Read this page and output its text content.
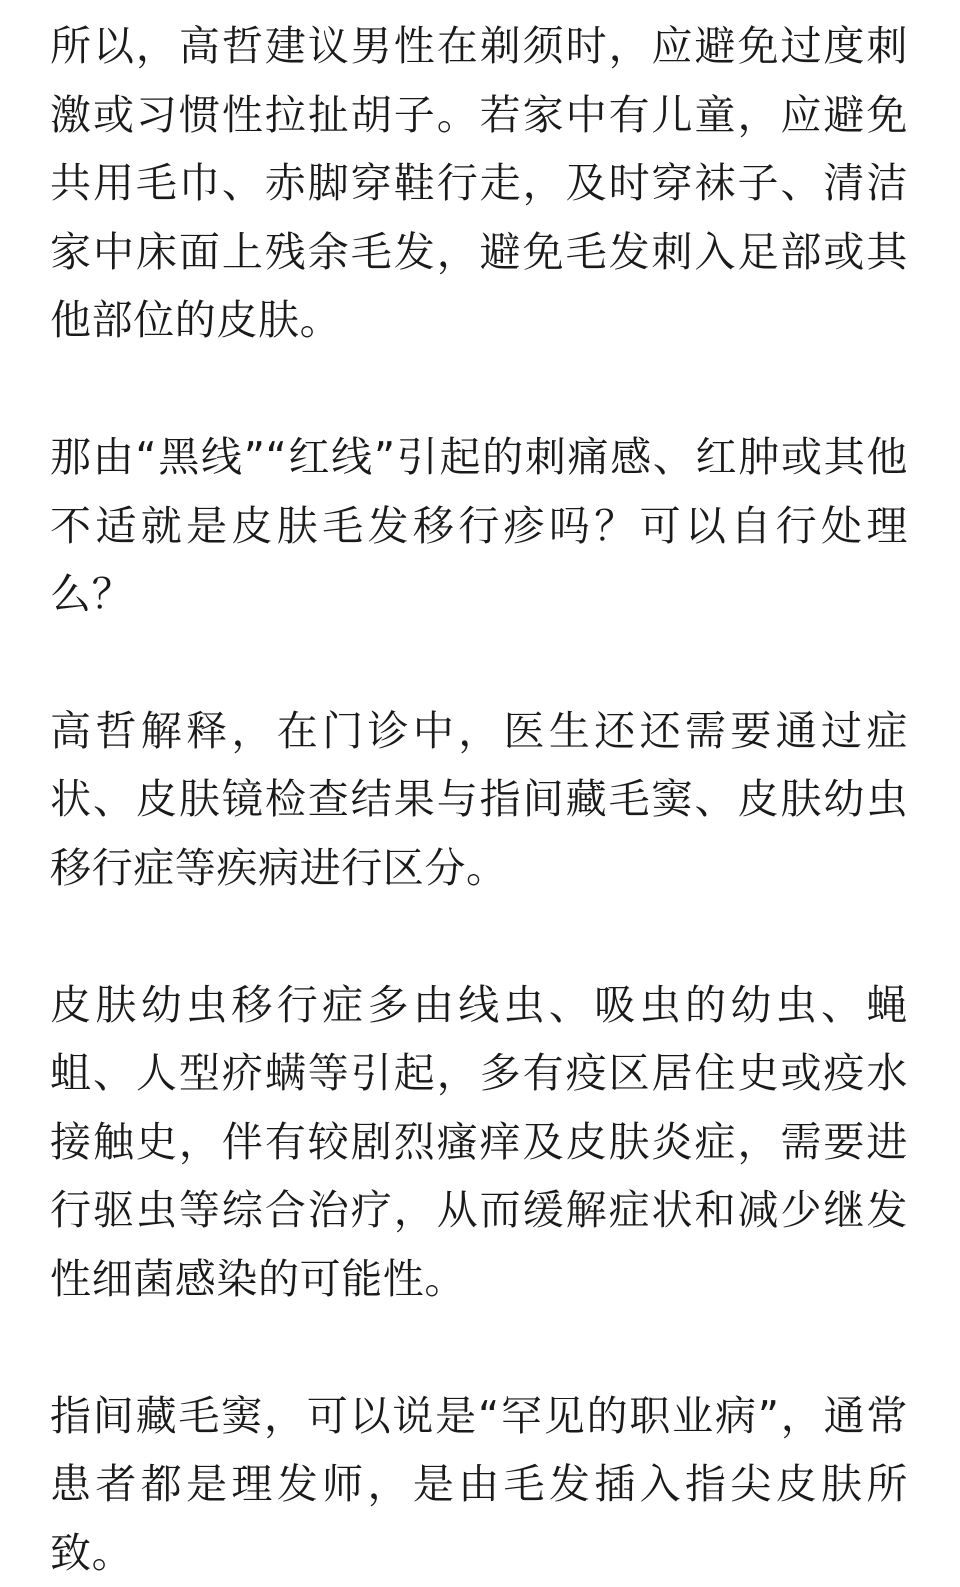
所以，高哲建议男性在剃须时，应避免过度刺激或习惯性拉扯胡子。若家中有儿童，应避免共用毛巾、赤脚穿鞋行走，及时穿袜子、清洁家中床面上残余毛发，避免毛发刺入足部或其他部位的皮肤。

那由“黑线”“红线”引起的刺痛感、红肿或其他不适就是皮肤毛发移行疹吗？可以自行处理么？

高哲解释，在门诊中，医生还还需要通过症状、皮肤镜检查结果与指间藏毛窦、皮肤幼虫移行症等疾病进行区分。

皮肤幼虫移行症多由线虫、吸虫的幼虫、蝇蛆、人型疥螨等引起，多有疫区居住史或疫水接触史，伴有较剧烈瘙痒及皮肤炎症，需要进行驱虫等综合治疗，从而缓解症状和减少继发性细菌感染的可能性。

指间藏毛窦，可以说是“罕见的职业病”，通常患者都是理发师，是由毛发插入指尖皮肤所致。
